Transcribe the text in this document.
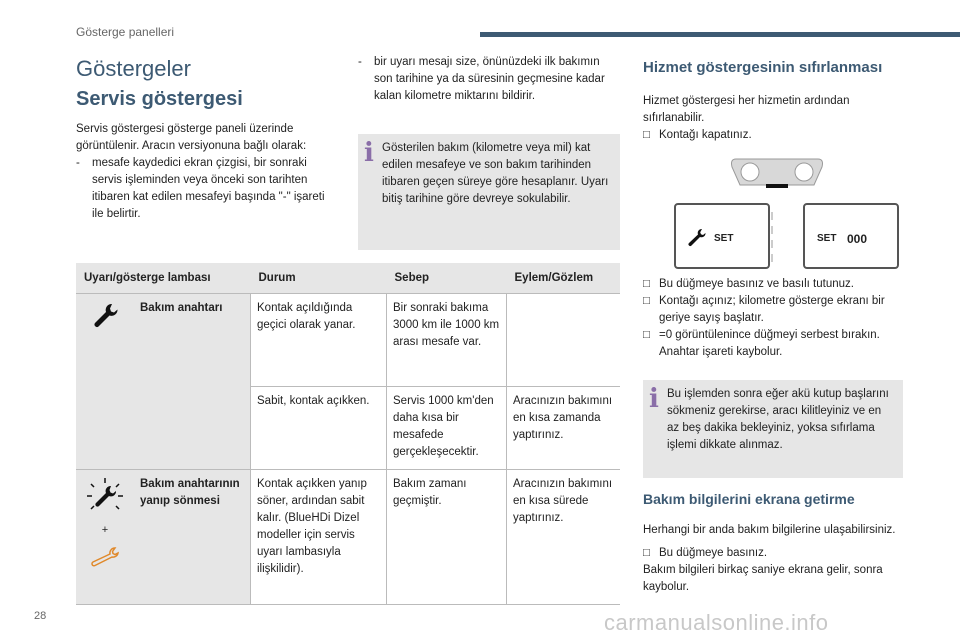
Gösterge panelleri
Göstergeler
Servis göstergesi
Servis göstergesi gösterge paneli üzerinde görüntülenir. Aracın versiyonuna bağlı olarak:
-	mesafe kaydedici ekran çizgisi, bir sonraki servis işleminden veya önceki son tarihten itibaren kat edilen mesafeyi başında "-" işareti ile belirtir.
-	bir uyarı mesajı size, önünüzdeki ilk bakımın son tarihine ya da süresinin geçmesine kadar kalan kilometre miktarını bildirir.
i Gösterilen bakım (kilometre veya mil) kat edilen mesafeye ve son bakım tarihinden itibaren geçen süreye göre hesaplanır. Uyarı bitiş tarihine göre devreye sokulabilir.
Uyarı/gösterge lambası		Durum	Sebep	Eylem/Gözlem
	Bakım anahtarı	Kontak açıldığında geçici olarak yanar.	Bir sonraki bakıma 3000 km ile 1000 km arası mesafe var.	
		Sabit, kontak açıkken.	Servis 1000 km'den daha kısa bir mesafede gerçekleşecektir.	Aracınızın bakımını en kısa zamanda yaptırınız.

+	Bakım anahtarının yanıp sönmesi	Kontak açıkken yanıp söner, ardından sabit kalır. (BlueHDi Dizel modeller için servis uyarı lambasıyla ilişkilidir).	Bakım zamanı geçmiştir.	Aracınızın bakımını en kısa sürede yaptırınız.
Hizmet göstergesinin sıfırlanması
Hizmet göstergesi her hizmetin ardından sıfırlanabilir.
□ Kontağı kapatınız.
SET	SET 000
□ Bu düğmeye basınız ve basılı tutunuz.
□ Kontağı açınız; kilometre gösterge ekranı bir geriye sayış başlatır.
□ =0 görüntülenince düğmeyi serbest bırakın. Anahtar işareti kaybolur.
i Bu işlemden sonra eğer akü kutup başlarını sökmeniz gerekirse, aracı kilitleyiniz ve en az beş dakika bekleyiniz, yoksa sıfırlama işlemi dikkate alınmaz.
Bakım bilgilerini ekrana getirme
Herhangi bir anda bakım bilgilerine ulaşabilirsiniz.
□ Bu düğmeye basınız.
Bakım bilgileri birkaç saniye ekrana gelir, sonra kaybolur.
28	carmanualsonline.info
